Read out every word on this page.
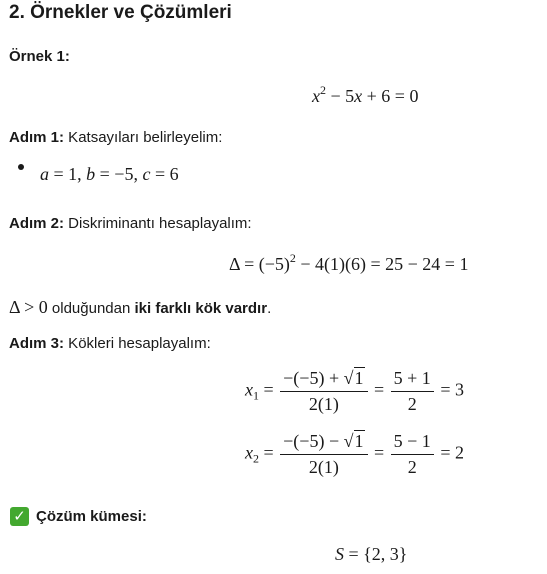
2. Örnekler ve Çözümleri
Örnek 1:
$x^2 - 5x + 6 = 0$
Adım 1: Katsayıları belirleyelim:
a = 1, b = −5, c = 6
Adım 2: Diskriminantı hesaplayalım:
$\Delta = (-5)^2 - 4(1)(6) = 25 - 24 = 1$
Δ > 0 olduğundan iki farklı kök vardır.
Adım 3: Kökleri hesaplayalım:
$x_1 = \frac{-(-5) + √1}{2(1)} = \frac{5 + 1}{2} = 3$
$x_2 = \frac{-(-5) - √1}{2(1)} = \frac{5 - 1}{2} = 2$
✓ Çözüm kümesi:
S = {2, 3}
